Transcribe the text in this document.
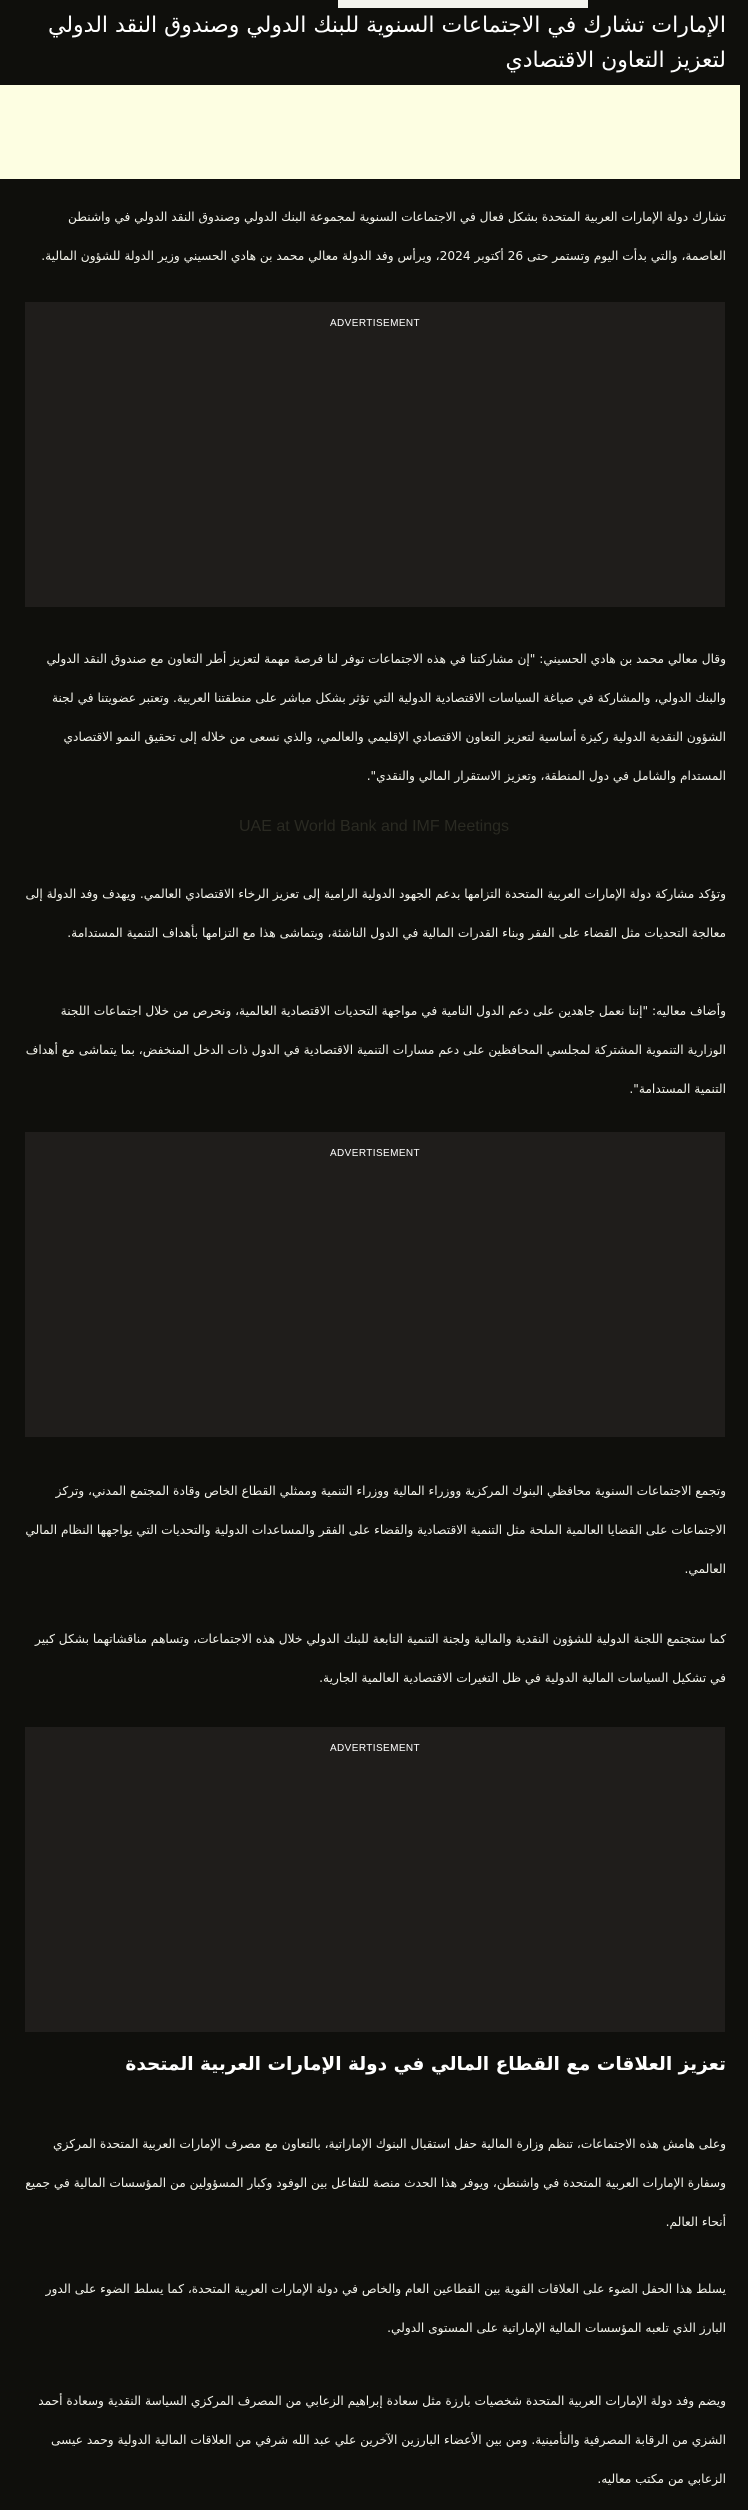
الإمارات تشارك في الاجتماعات السنوية للبنك الدولي وصندوق النقد الدولي لتعزيز التعاون الاقتصادي

تشارك دولة الإمارات العربية المتحدة بشكل فعال في الاجتماعات السنوية لمجموعة البنك الدولي وصندوق النقد الدولي في واشنطن العاصمة، والتي بدأت اليوم وتستمر حتى 26 أكتوبر 2024، ويرأس وفد الدولة معالي محمد بن هادي الحسيني وزير الدولة للشؤون المالية.

ADVERTISEMENT

وقال معالي محمد بن هادي الحسيني: "إن مشاركتنا في هذه الاجتماعات توفر لنا فرصة مهمة لتعزيز أطر التعاون مع صندوق النقد الدولي والبنك الدولي، والمشاركة في صياغة السياسات الاقتصادية الدولية التي تؤثر بشكل مباشر على منطقتنا العربية. وتعتبر عضويتنا في لجنة الشؤون النقدية الدولية ركيزة أساسية لتعزيز التعاون الاقتصادي الإقليمي والعالمي، والذي نسعى من خلاله إلى تحقيق النمو الاقتصادي المستدام والشامل في دول المنطقة، وتعزيز الاستقرار المالي والنقدي".

UAE at World Bank and IMF Meetings

وتؤكد مشاركة دولة الإمارات العربية المتحدة التزامها بدعم الجهود الدولية الرامية إلى تعزيز الرخاء الاقتصادي العالمي. ويهدف وفد الدولة إلى معالجة التحديات مثل القضاء على الفقر وبناء القدرات المالية في الدول الناشئة، ويتماشى هذا مع التزامها بأهداف التنمية المستدامة.

وأضاف معاليه: "إننا نعمل جاهدين على دعم الدول النامية في مواجهة التحديات الاقتصادية العالمية، ونحرص من خلال اجتماعات اللجنة الوزارية التنموية المشتركة لمجلسي المحافظين على دعم مسارات التنمية الاقتصادية في الدول ذات الدخل المنخفض، بما يتماشى مع أهداف التنمية المستدامة".

ADVERTISEMENT

وتجمع الاجتماعات السنوية محافظي البنوك المركزية ووزراء المالية ووزراء التنمية وممثلي القطاع الخاص وقادة المجتمع المدني، وتركز الاجتماعات على القضايا العالمية الملحة مثل التنمية الاقتصادية والقضاء على الفقر والمساعدات الدولية والتحديات التي يواجهها النظام المالي العالمي.

كما ستجتمع اللجنة الدولية للشؤون النقدية والمالية ولجنة التنمية التابعة للبنك الدولي خلال هذه الاجتماعات، وتساهم مناقشاتهما بشكل كبير في تشكيل السياسات المالية الدولية في ظل التغيرات الاقتصادية العالمية الجارية.

ADVERTISEMENT
تعزيز العلاقات مع القطاع المالي في دولة الإمارات العربية المتحدة

وعلى هامش هذه الاجتماعات، تنظم وزارة المالية حفل استقبال البنوك الإماراتية، بالتعاون مع مصرف الإمارات العربية المتحدة المركزي وسفارة الإمارات العربية المتحدة في واشنطن، ويوفر هذا الحدث منصة للتفاعل بين الوفود وكبار المسؤولين من المؤسسات المالية في جميع أنحاء العالم.

يسلط هذا الحفل الضوء على العلاقات القوية بين القطاعين العام والخاص في دولة الإمارات العربية المتحدة، كما يسلط الضوء على الدور البارز الذي تلعبه المؤسسات المالية الإماراتية على المستوى الدولي.

ويضم وفد دولة الإمارات العربية المتحدة شخصيات بارزة مثل سعادة إبراهيم الزعابي من المصرف المركزي السياسة النقدية وسعادة أحمد الشزي من الرقابة المصرفية والتأمينية. ومن بين الأعضاء البارزين الآخرين علي عبد الله شرفي من العلاقات المالية الدولية وحمد عيسى الزعابي من مكتب معاليه.
